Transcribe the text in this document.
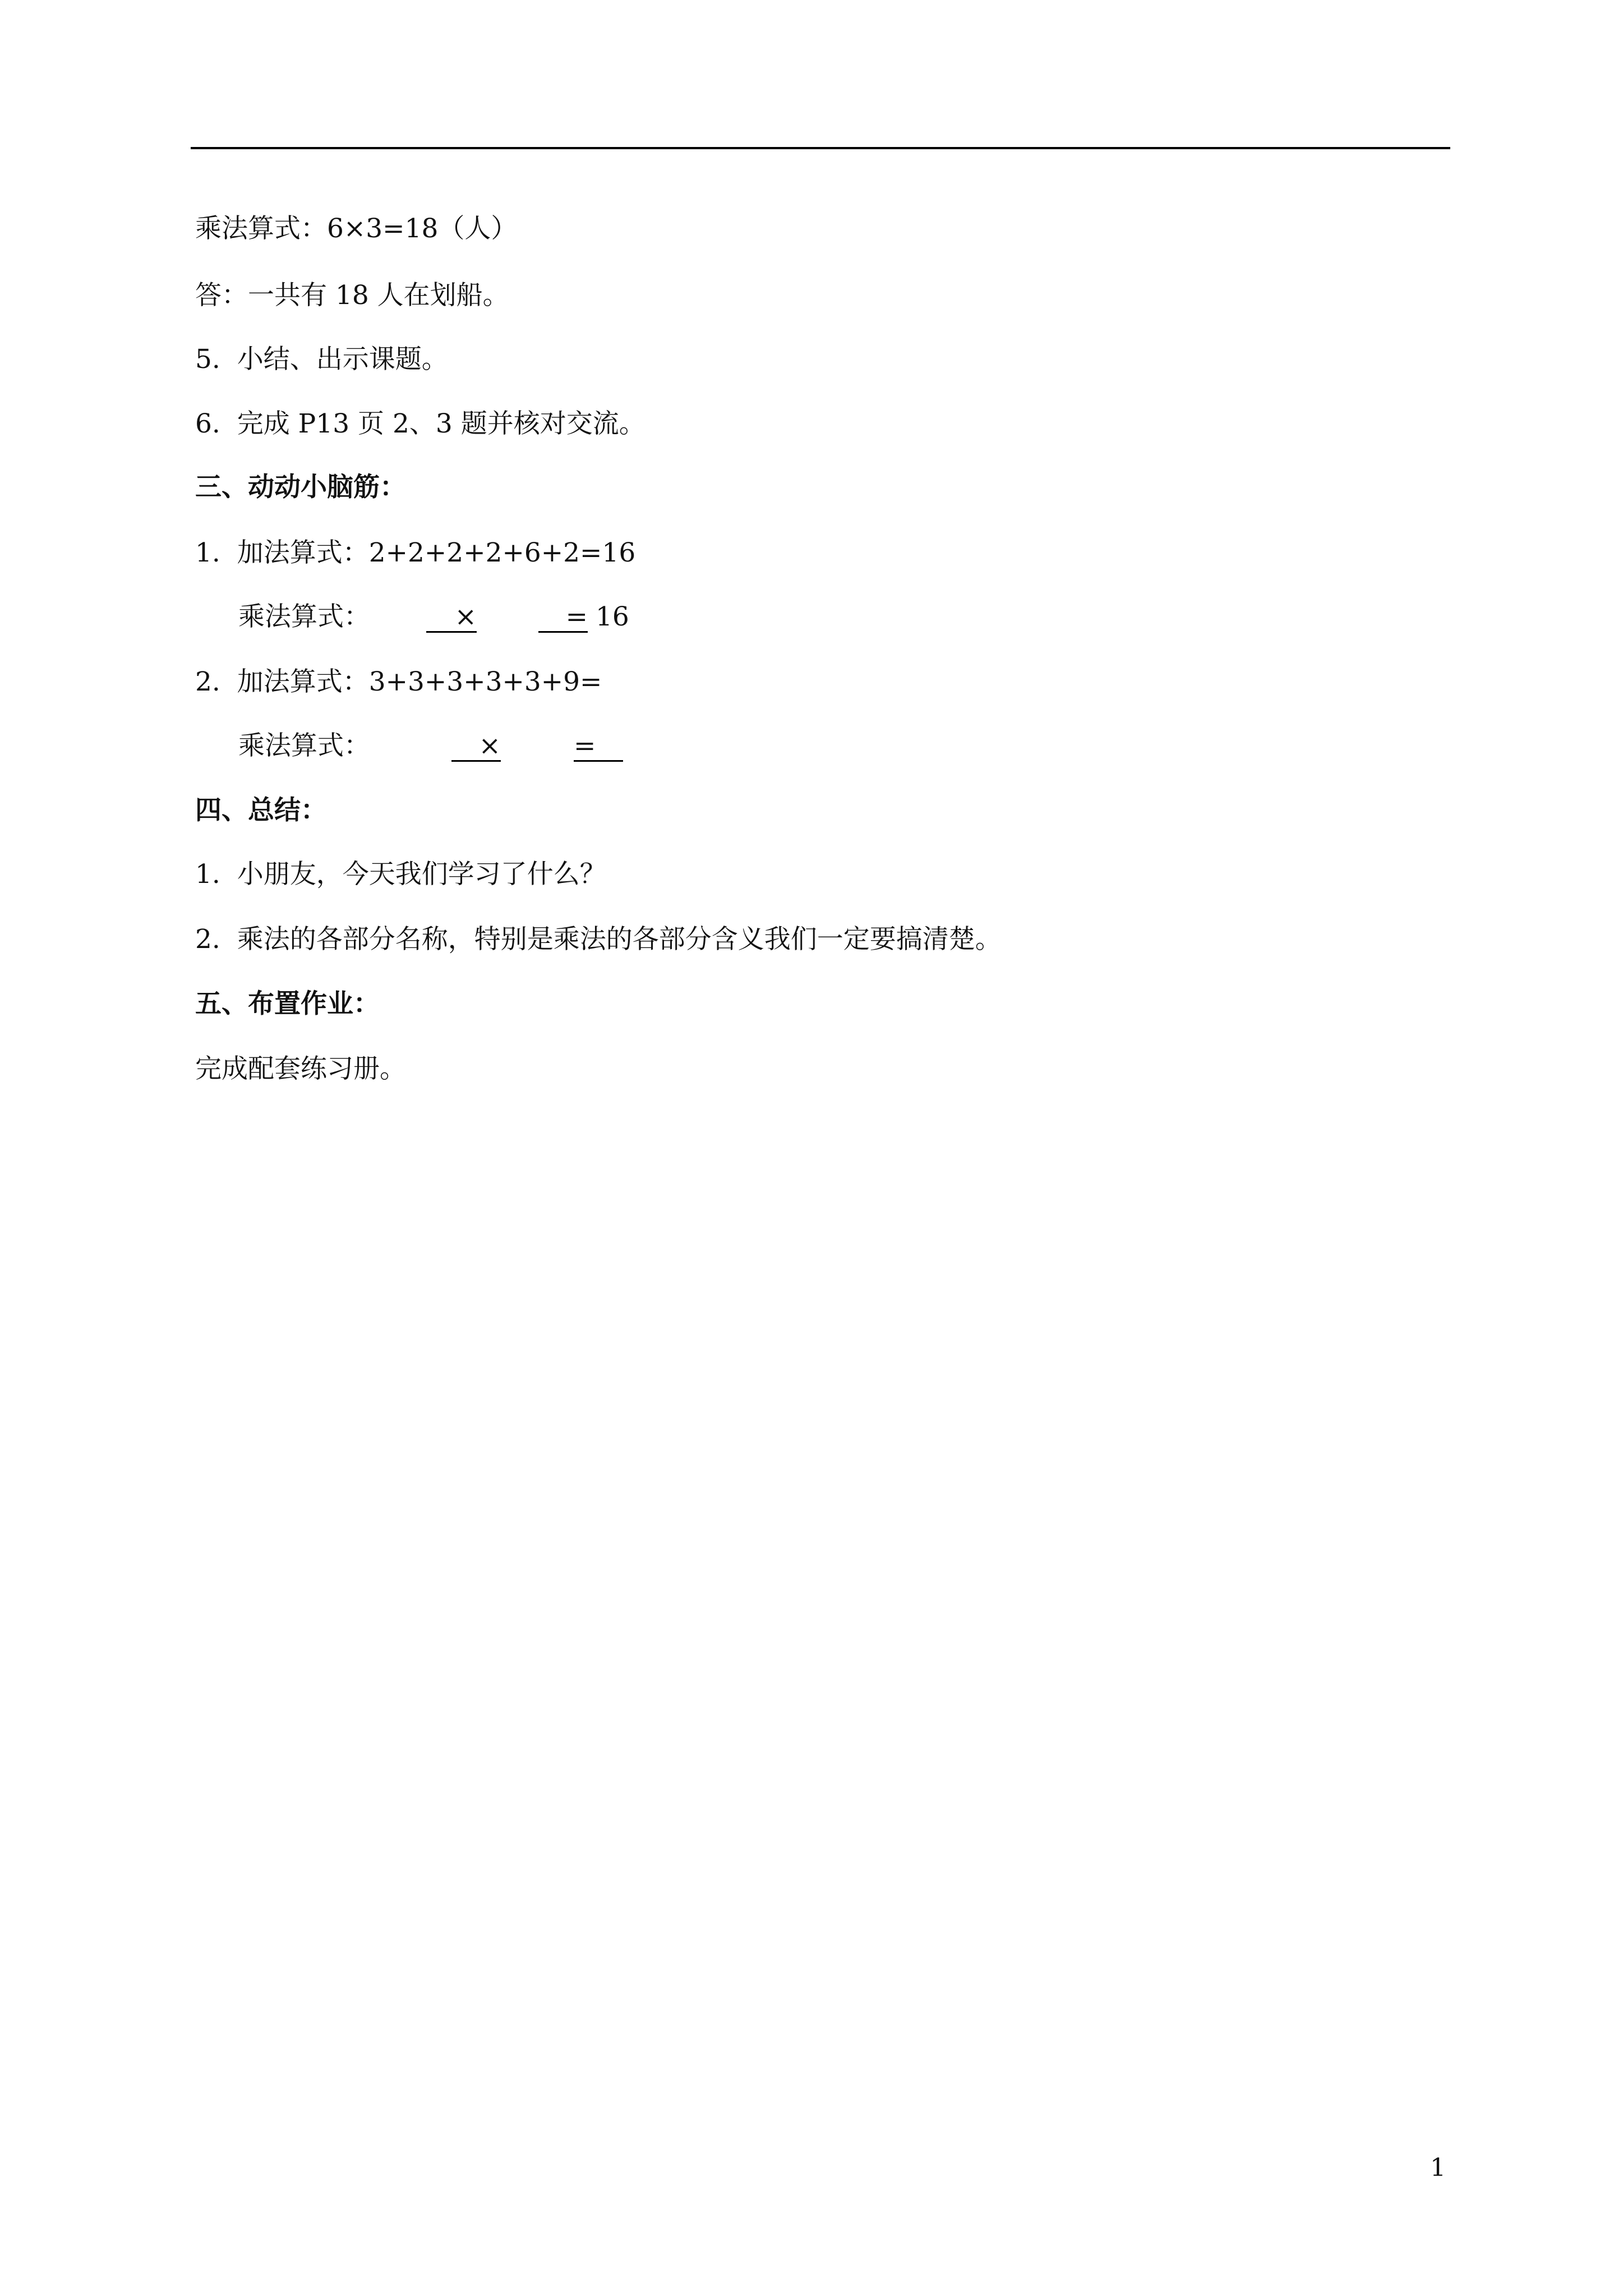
乘法算式：6×3=18（人）
答：一共有 18 人在划船。
5.  小结、出示课题。
6.  完成 P13 页 2、3 题并核对交流。
三、动动小脑筋：
1.  加法算式：2+2+2+2+6+2=16
乘法算式：	×	= 16
2.  加法算式：3+3+3+3+3+9=
乘法算式：	×	=
四、总结：
1.  小朋友，今天我们学习了什么？
2.  乘法的各部分名称，特别是乘法的各部分含义我们一定要搞清楚。
五、布置作业：
完成配套练习册。
1
